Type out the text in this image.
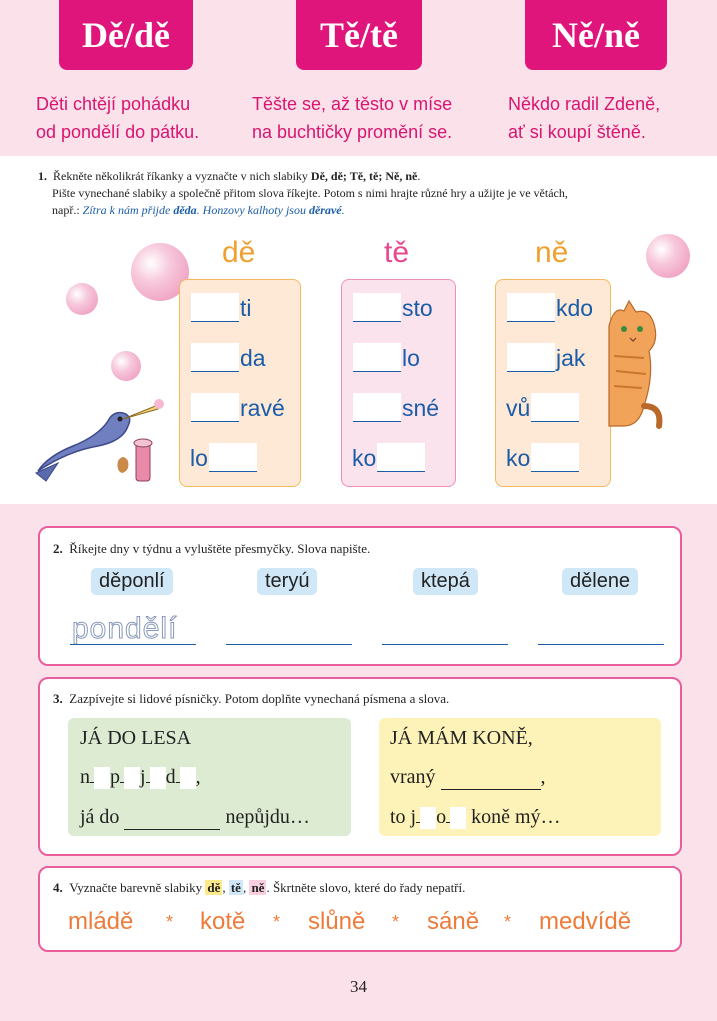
Dě/dě	Tě/tě	Ně/ně
Děti chtějí pohádku
od pondělí do pátku.
Těšte se, až těsto v míse
na buchtičky promění se.
Někdo radil Zdeně,
ať si koupí štěně.
1. Řekněte několikrát říkanky a vyznačte v nich slabiky Dě, dě; Tě, tě; Ně, ně.
Pište vynechané slabiky a společně přitom slova říkejte. Potom s nimi hrajte různé hry a užijte je ve větách,
např.: Zítra k nám přijde děda. Honzovy kalhoty jsou děravé.
dě	tě	ně
ti
da
ravé
lo
sto
lo
sné
ko
kdo
jak
vů
ko
2. Říkejte dny v týdnu a vyluštěte přesmyčky. Slova napište.
děponlí	teryú	ktepá	dělene
pondělí
3. Zazpívejte si lidové písničky. Potom doplňte vynechaná písmena a slova.
JÁ DO LESA
n p j d ,
já do	nepůjdu…
JÁ MÁM KONĚ,
vraný	,
to j o koně mý…
4. Vyznačte barevně slabiky dě , tě , ně . Škrtněte slovo, které do řady nepatří.
mládě * kotě * slůně * sáně * medvídě
34
